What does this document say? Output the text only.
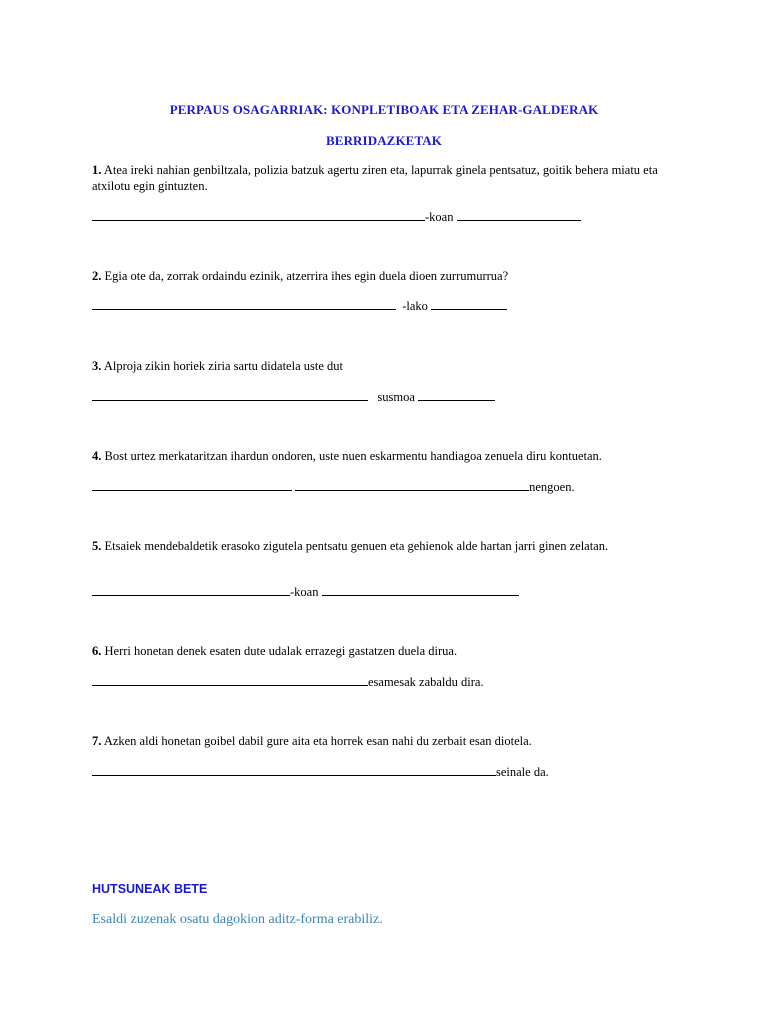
PERPAUS OSAGARRIAK: KONPLETIBOAK ETA ZEHAR-GALDERAK
BERRIDAZKETAK
1. Atea ireki nahian genbiltzala, polizia batzuk agertu ziren eta, lapurrak ginela pentsatuz, goitik behera miatu eta atxilotu egin gintuzten.
-koan
2. Egia ote da, zorrak ordaindu ezinik, atzerrira ihes egin duela dioen zurrumurrua?
-lako
3. Alproja zikin horiek ziria sartu didatela uste dut
susmoa
4. Bost urtez merkataritzan ihardun ondoren, uste nuen eskarmentu handiagoa zenuela diru kontuetan.
nengoen.
5. Etsaiek mendebaldetik erasoko zigutela pentsatu genuen eta gehienok alde hartan jarri ginen zelatan.
-koan
6. Herri honetan denek esaten dute udalak errazegi gastatzen duela dirua.
esamesak zabaldu dira.
7. Azken aldi honetan goibel dabil gure aita eta horrek esan nahi du zerbait esan diotela.
seinale da.
HUTSUNEAK BETE
Esaldi zuzenak osatu dagokion aditz-forma erabiliz.
